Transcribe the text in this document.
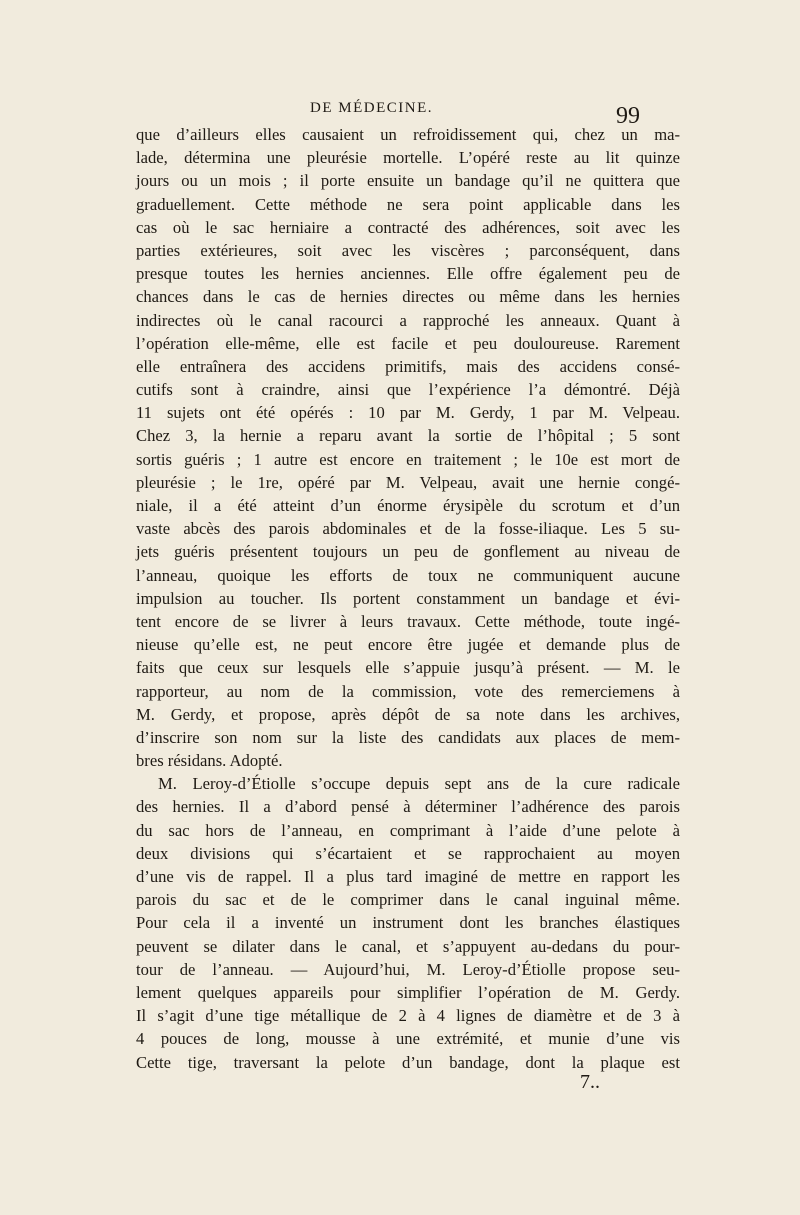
DE MÉDECINE.	99
que d’ailleurs elles causaient un refroidissement qui, chez un ma-
lade, détermina une pleurésie mortelle. L’opéré reste au lit quinze
jours ou un mois ; il porte ensuite un bandage qu’il ne quittera que
graduellement. Cette méthode ne sera point applicable dans les
cas où le sac herniaire a contracté des adhérences, soit avec les
parties extérieures, soit avec les viscères ; parconséquent, dans
presque toutes les hernies anciennes. Elle offre également peu de
chances dans le cas de hernies directes ou même dans les hernies
indirectes où le canal racourci a rapproché les anneaux. Quant à
l’opération elle-même, elle est facile et peu douloureuse. Rarement
elle entraînera des accidens primitifs, mais des accidens consé-
cutifs sont à craindre, ainsi que l’expérience l’a démontré. Déjà
11 sujets ont été opérés : 10 par M. Gerdy, 1 par M. Velpeau.
Chez 3, la hernie a reparu avant la sortie de l’hôpital ; 5 sont
sortis guéris ; 1 autre est encore en traitement ; le 10e est mort de
pleurésie ; le 1re, opéré par M. Velpeau, avait une hernie congé-
niale, il a été atteint d’un énorme érysipèle du scrotum et d’un
vaste abcès des parois abdominales et de la fosse-iliaque. Les 5 su-
jets guéris présentent toujours un peu de gonflement au niveau de
l’anneau, quoique les efforts de toux ne communiquent aucune
impulsion au toucher. Ils portent constamment un bandage et évi-
tent encore de se livrer à leurs travaux. Cette méthode, toute ingé-
nieuse qu’elle est, ne peut encore être jugée et demande plus de
faits que ceux sur lesquels elle s’appuie jusqu’à présent. — M. le
rapporteur, au nom de la commission, vote des remerciemens à
M. Gerdy, et propose, après dépôt de sa note dans les archives,
d’inscrire son nom sur la liste des candidats aux places de mem-
bres résidans. Adopté.
M. Leroy-d’Étiolle s’occupe depuis sept ans de la cure radicale
des hernies. Il a d’abord pensé à déterminer l’adhérence des parois
du sac hors de l’anneau, en comprimant à l’aide d’une pelote à
deux divisions qui s’écartaient et se rapprochaient au moyen
d’une vis de rappel. Il a plus tard imaginé de mettre en rapport les
parois du sac et de le comprimer dans le canal inguinal même.
Pour cela il a inventé un instrument dont les branches élastiques
peuvent se dilater dans le canal, et s’appuyent au-dedans du pour-
tour de l’anneau. — Aujourd’hui, M. Leroy-d’Étiolle propose seu-
lement quelques appareils pour simplifier l’opération de M. Gerdy.
Il s’agit d’une tige métallique de 2 à 4 lignes de diamètre et de 3 à
4 pouces de long, mousse à une extrémité, et munie d’une vis
Cette tige, traversant la pelote d’un bandage, dont la plaque est
7..
